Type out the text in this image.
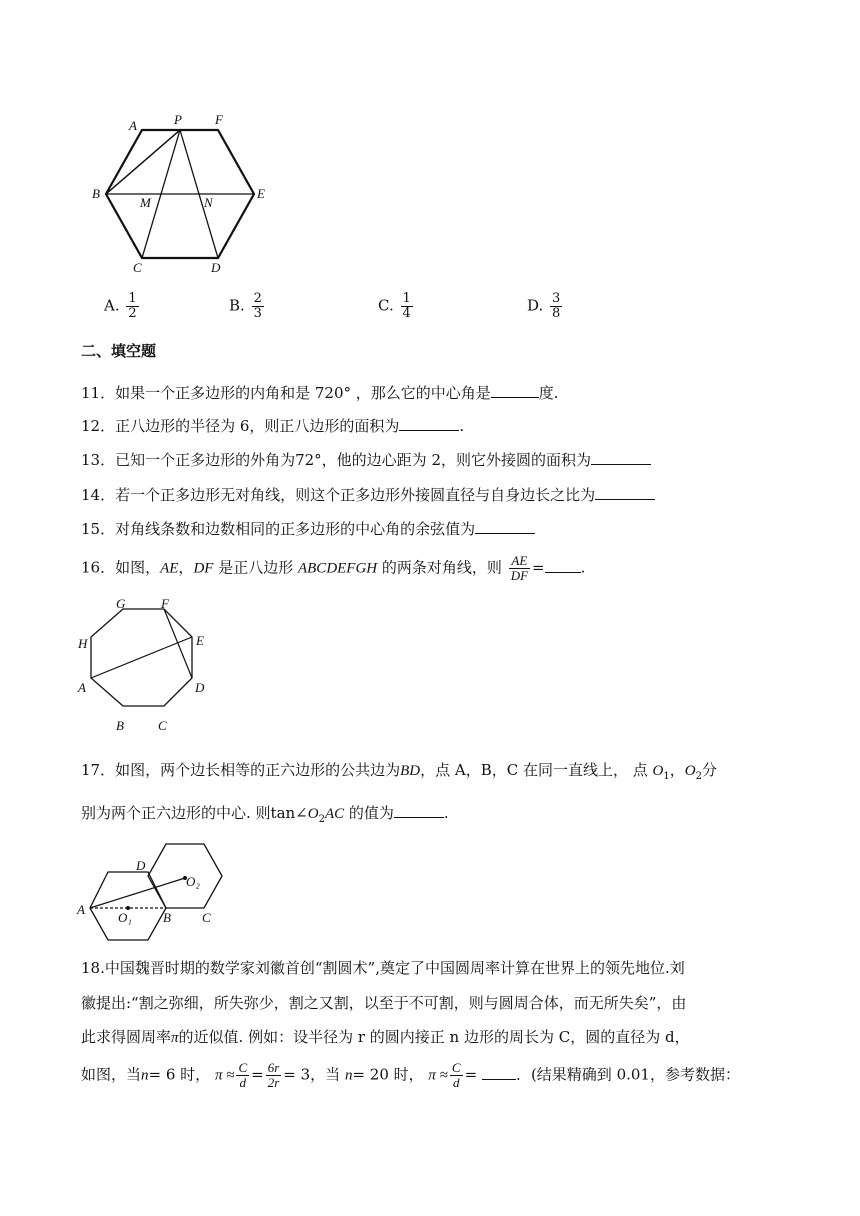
A	P	F
B
M	N
E
C	D
A. $\frac{1}{2}$	B. $\frac{2}{3}$	C. $\frac{1}{4}$	D. $\frac{3}{8}$
二、填空题
11．如果一个正多边形的内角和是 720° ，那么它的中心角是	度.
12．正八边形的半径为 6，则正八边形的面积为	.
13．已知一个正多边形的外角为72°，他的边心距为 2，则它外接圆的面积为
14．若一个正多边形无对角线，则这个正多边形外接圆直径与自身边长之比为
15．对角线条数和边数相同的正多边形的中心角的余弦值为
16．如图，AE，DF 是正八边形 ABCDEFGH 的两条对角线，则 $\frac{AE}{DF}$ = .
G	F
H	E
A	D
B	C
17．如图，两个边长相等的正六边形的公共边为BD，点 A，B，C 在同一直线上， 点 $O_1$，$O_2$分
别为两个正六边形的中心. 则$\tan\angle O_2AC$ 的值为	.
D
O₂
A
O₁ B C
18.中国魏晋时期的数学家刘徽首创“割圆术”,奠定了中国圆周率计算在世界上的领先地位.刘
徽提出:“割之弥细，所失弥少，割之又割，以至于不可割，则与圆周合体，而无所失矣”，由
此求得圆周率π的近似值. 例如：设半径为 r 的圆内接正 n 边形的周长为 C，圆的直径为 d，
如图，当n= 6 时， $\pi \approx \frac{C}{d} = \frac{6r}{2r} = 3$，当 n= 20 时， $\pi \approx \frac{C}{d}$ =	．(结果精确到 0.01，参考数据：
